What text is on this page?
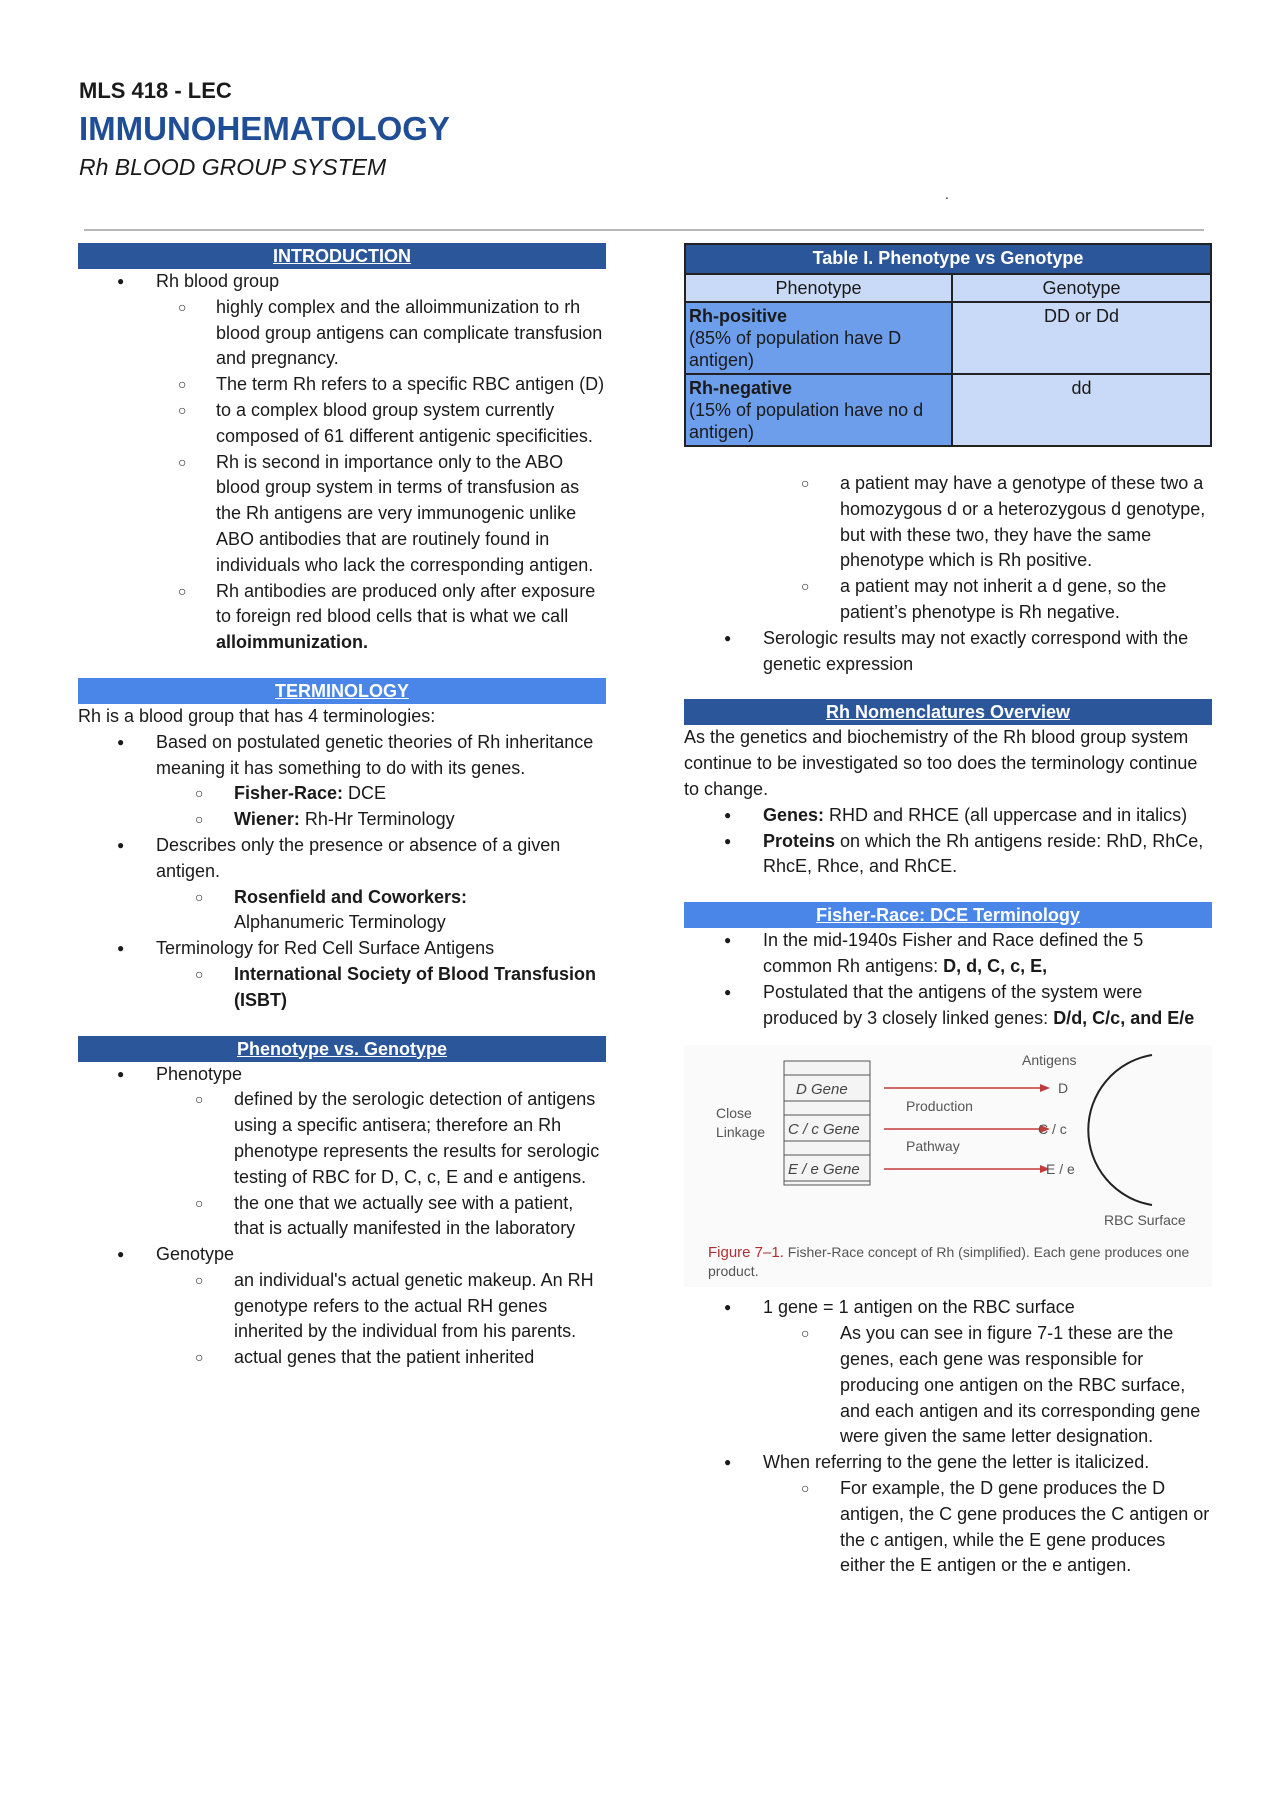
MLS 418 - LEC
IMMUNOHEMATOLOGY
Rh BLOOD GROUP SYSTEM
.
INTRODUCTION
● Rh blood group
○ highly complex and the alloimmunization to rh blood group antigens can complicate transfusion and pregnancy.
○ The term Rh refers to a specific RBC antigen (D)
○ to a complex blood group system currently composed of 61 different antigenic specificities.
○ Rh is second in importance only to the ABO blood group system in terms of transfusion as the Rh antigens are very immunogenic unlike ABO antibodies that are routinely found in individuals who lack the corresponding antigen.
○ Rh antibodies are produced only after exposure to foreign red blood cells that is what we call alloimmunization.
TERMINOLOGY

Rh is a blood group that has 4 terminologies:

● Based on postulated genetic theories of Rh inheritance meaning it has something to do with its genes.
○ Fisher-Race: DCE
○ Wiener: Rh-Hr Terminology
● Describes only the presence or absence of a given antigen.
○ Rosenfield and Coworkers:
Alphanumeric Terminology
● Terminology for Red Cell Surface Antigens
○ International Society of Blood Transfusion (ISBT)
Phenotype vs. Genotype
● Phenotype
○ defined by the serologic detection of antigens using a specific antisera; therefore an Rh phenotype represents the results for serologic testing of RBC for D, C, c, E and e antigens.
○ the one that we actually see with a patient, that is actually manifested in the laboratory
● Genotype
○ an individual's actual genetic makeup. An RH genotype refers to the actual RH genes inherited by the individual from his parents.
○ actual genes that the patient inherited
Table I. Phenotype vs Genotype	
Phenotype	Genotype
Rh-positive
(85% of population have D antigen)	DD or Dd
Rh-negative
(15% of population have no d antigen)	dd
○ a patient may have a genotype of these two a homozygous d or a heterozygous d genotype, but with these two, they have the same phenotype which is Rh positive.
○ a patient may not inherit a d gene, so the patient’s phenotype is Rh negative.
● Serologic results may not exactly correspond with the genetic expression
Rh Nomenclatures Overview

As the genetics and biochemistry of the Rh blood group system continue to be investigated so too does the terminology continue to change.

● Genes: RHD and RHCE (all uppercase and in italics)
● Proteins on which the Rh antigens reside: RhD, RhCe, RhcE, Rhce, and RhCE.
Fisher-Race: DCE Terminology
● In the mid-1940s Fisher and Race defined the 5 common Rh antigens: D, d, C, c, E,
● Postulated that the antigens of the system were produced by 3 closely linked genes: D/d, C/c, and E/e
D Gene
C / c Gene
E / e Gene
Close
Linkage
Production
Pathway
Antigens
D
C / c
E / e
RBC Surface
Figure 7–1. Fisher-Race concept of Rh (simplified). Each gene produces one product.
● 1 gene = 1 antigen on the RBC surface
○ As you can see in figure 7-1 these are the genes, each gene was responsible for producing one antigen on the RBC surface, and each antigen and its corresponding gene were given the same letter designation.
● When referring to the gene the letter is italicized.
○ For example, the D gene produces the D antigen, the C gene produces the C antigen or the c antigen, while the E gene produces either the E antigen or the e antigen.
